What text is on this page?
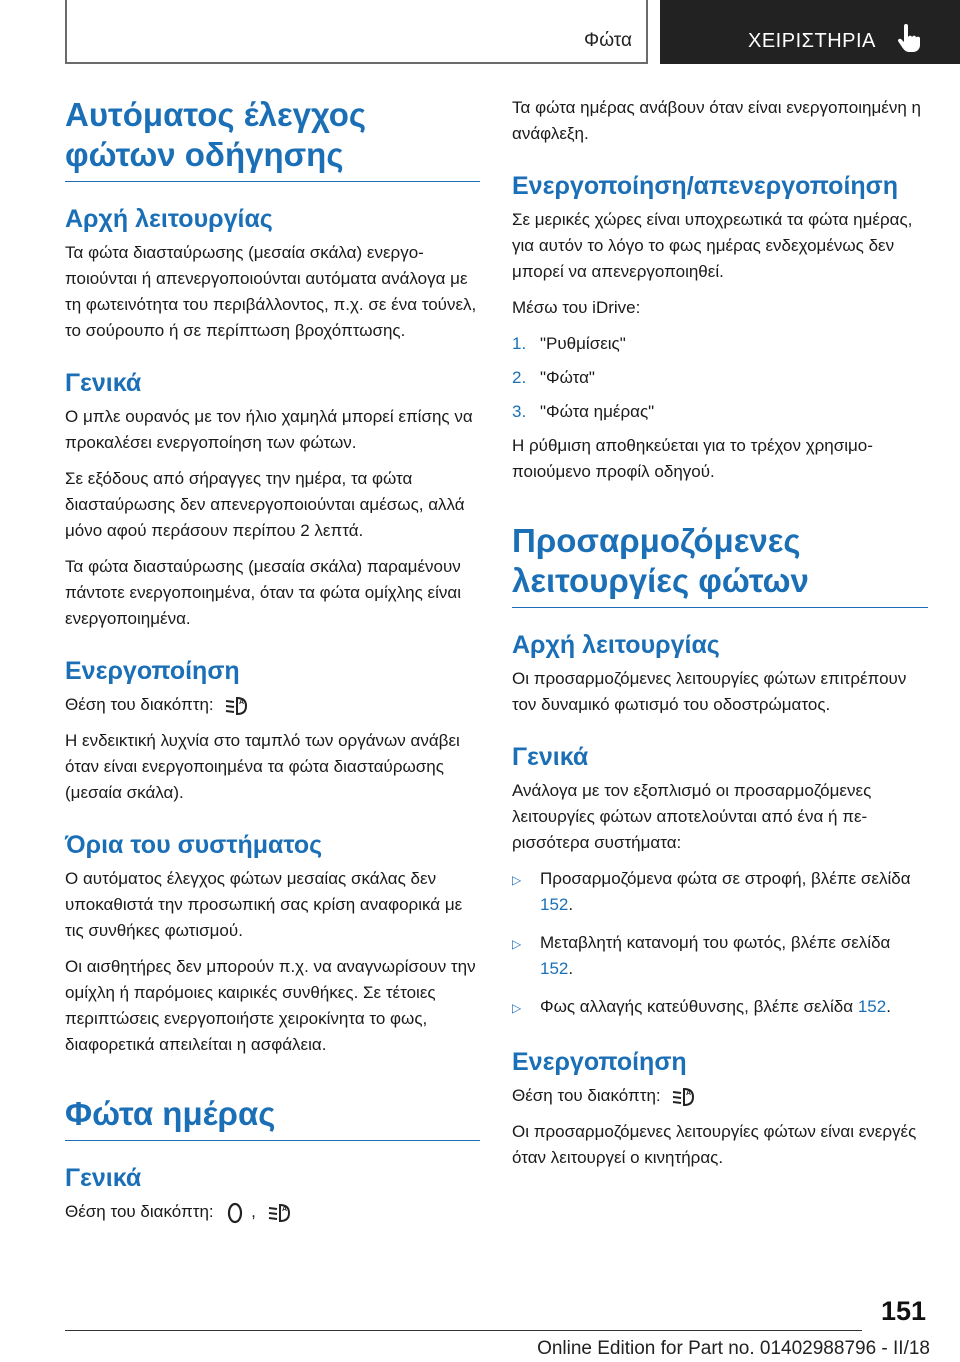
Φώτα	ΧΕΙΡΙΣΤΗΡΙΑ
Αυτόματος έλεγχος φώτων οδήγησης
Αρχή λειτουργίας

Τα φώτα διασταύρωσης (μεσαία σκάλα) ενεργοποιούνται ή απενεργοποιούνται αυτόματα ανάλογα με τη φωτεινότητα του περιβάλλοντος, π.χ. σε ένα τούνελ, το σούρουπο ή σε περίπτωση βροχόπτωσης.

Γενικά

Ο μπλε ουρανός με τον ήλιο χαμηλά μπορεί επίσης να προκαλέσει ενεργοποίηση των φώτων.

Σε εξόδους από σήραγγες την ημέρα, τα φώτα διασταύρωσης δεν απενεργοποιούνται αμέσως, αλλά μόνο αφού περάσουν περίπου 2 λεπτά.

Τα φώτα διασταύρωσης (μεσαία σκάλα) παραμένουν πάντοτε ενεργοποιημένα, όταν τα φώτα ομίχλης είναι ενεργοποιημένα.

Ενεργοποίηση

Θέση του διακόπτη:	A

Η ενδεικτική λυχνία στο ταμπλό των οργάνων ανάβει όταν είναι ενεργοποιημένα τα φώτα διασταύρωσης (μεσαία σκάλα).

Όρια του συστήματος

Ο αυτόματος έλεγχος φώτων μεσαίας σκάλας δεν υποκαθιστά την προσωπική σας κρίση αναφορικά με τις συνθήκες φωτισμού.

Οι αισθητήρες δεν μπορούν π.χ. να αναγνωρίσουν την ομίχλη ή παρόμοιες καιρικές συνθήκες. Σε τέτοιες περιπτώσεις ενεργοποιήστε χειροκίνητα το φως, διαφορετικά απειλείται η ασφάλεια.

Φώτα ημέρας
Γενικά

Θέση του διακόπτη: ,	A

Τα φώτα ημέρας ανάβουν όταν είναι ενεργοποιημένη η ανάφλεξη.

Ενεργοποίηση/απενεργοποίηση

Σε μερικές χώρες είναι υποχρεωτικά τα φώτα ημέρας, για αυτόν το λόγο το φως ημέρας ενδεχομένως δεν μπορεί να απενεργοποιηθεί.

Μέσω του iDrive:

1. "Ρυθμίσεις"
2. "Φώτα"
3. "Φώτα ημέρας"

Η ρύθμιση αποθηκεύεται για το τρέχον χρησιμοποιούμενο προφίλ οδηγού.

Προσαρμοζόμενες λειτουργίες φώτων
Αρχή λειτουργίας

Οι προσαρμοζόμενες λειτουργίες φώτων επιτρέπουν τον δυναμικό φωτισμό του οδοστρώματος.

Γενικά

Ανάλογα με τον εξοπλισμό οι προσαρμοζόμενες λειτουργίες φώτων αποτελούνται από ένα ή περισσότερα συστήματα:

▷	Προσαρμοζόμενα φώτα σε στροφή, βλέπε σελίδα 152.
▷	Μεταβλητή κατανομή του φωτός, βλέπε σελίδα 152.
▷	Φως αλλαγής κατεύθυνσης, βλέπε σελίδα 152.
Ενεργοποίηση

Θέση του διακόπτη:	A

Οι προσαρμοζόμενες λειτουργίες φώτων είναι ενεργές όταν λειτουργεί ο κινητήρας.

151
Online Edition for Part no. 01402988796 - II/18
